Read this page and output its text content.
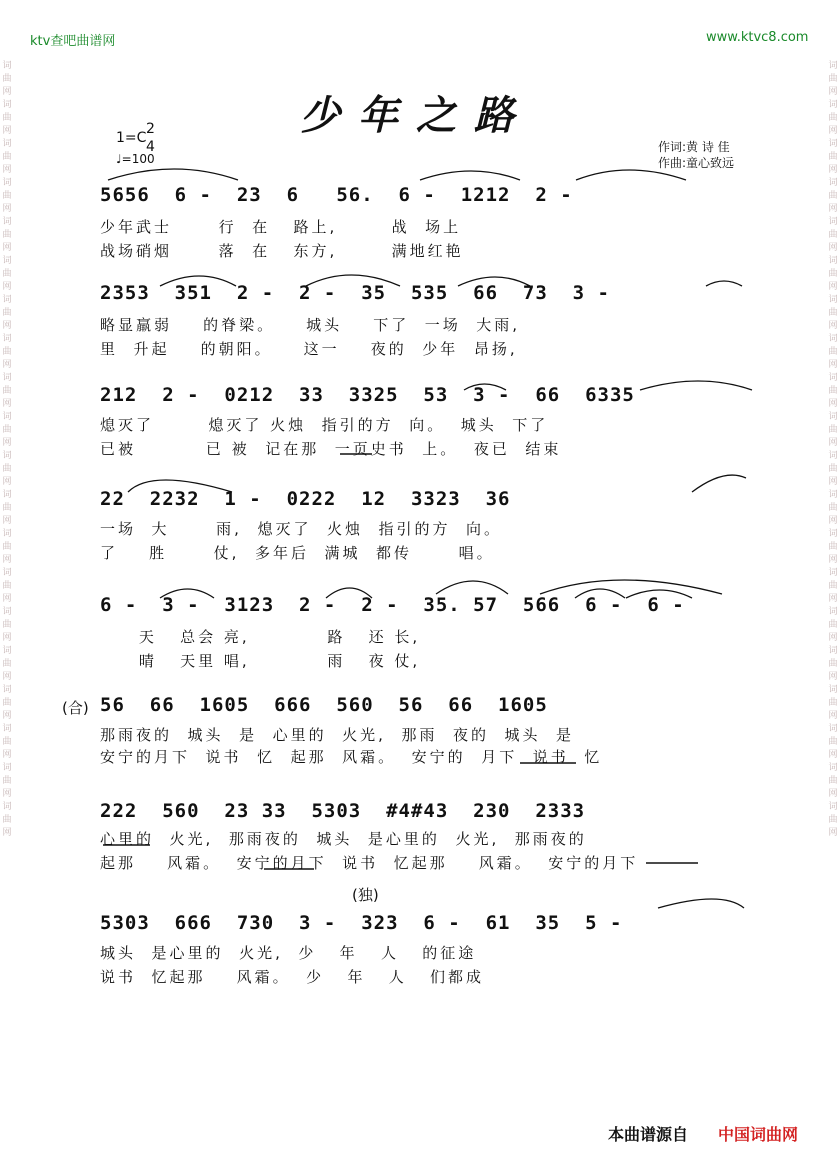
ktv查吧曲谱网	www.ktvc8.com
词
曲
网
词
曲
网
词
曲
网
词
曲
网
词
曲
网
词
曲
网
词
曲
网
词
曲
网
词
曲
网
词
曲
网
词
曲
网
词
曲
网
词
曲
网
词
曲
网
词
曲
网
词
曲
网
词
曲
网
词
曲
网
词
曲
网
词
曲
网

词
曲
网
词
曲
网
词
曲
网
词
曲
网
词
曲
网
词
曲
网
词
曲
网
词
曲
网
词
曲
网
词
曲
网
词
曲
网
词
曲
网
词
曲
网
词
曲
网
词
曲
网
词
曲
网
词
曲
网
词
曲
网
词
曲
网
词
曲
网

少年之路
1=C
2
4
♩=100
作词:黄 诗 佳
作曲:童心致远
5656  6 -  23  6   56.  6 -  1212  2 -
少年武士      行  在   路上,       战  场上
战场硝烟      落  在   东方,       满地红艳
2353  351  2 -  2 -  35  535  66  73  3 -
略显羸弱    的脊梁。    城头    下了  一场  大雨,
里  升起    的朝阳。    这一    夜的  少年  昂扬,
212  2 -  0212  33  3325  53  3 -  66  6335
熄灭了       熄灭了 火烛  指引的方  向。  城头  下了
已被         已 被  记在那  一页史书  上。  夜已  结束
22  2232  1 -  0222  12  3323  36
一场  大      雨,  熄灭了  火烛  指引的方  向。
了    胜      仗,  多年后  满城  都传      唱。
6 -  3 -  3123  2 -  2 -  35. 57  566  6 -  6 -
天   总会 亮,          路   还 长,
晴   天里 唱,          雨   夜 仗,
(合) 56  66  1605  666  560  56  66  1605
那雨夜的  城头  是  心里的  火光,  那雨  夜的  城头  是
安宁的月下  说书  忆  起那  风霜。  安宁的  月下  说书  忆
222  560  23 33  5303  #4#43  230  2333
心里的  火光,  那雨夜的  城头  是心里的  火光,  那雨夜的
起那    风霜。  安宁的月下  说书  忆起那    风霜。  安宁的月下
(独)
5303  666  730  3 -  323  6 -  61  35  5 -
城头  是心里的  火光,  少   年   人   的征途
说书  忆起那    风霜。  少   年   人   们都成
本曲谱源自 中国词曲网
